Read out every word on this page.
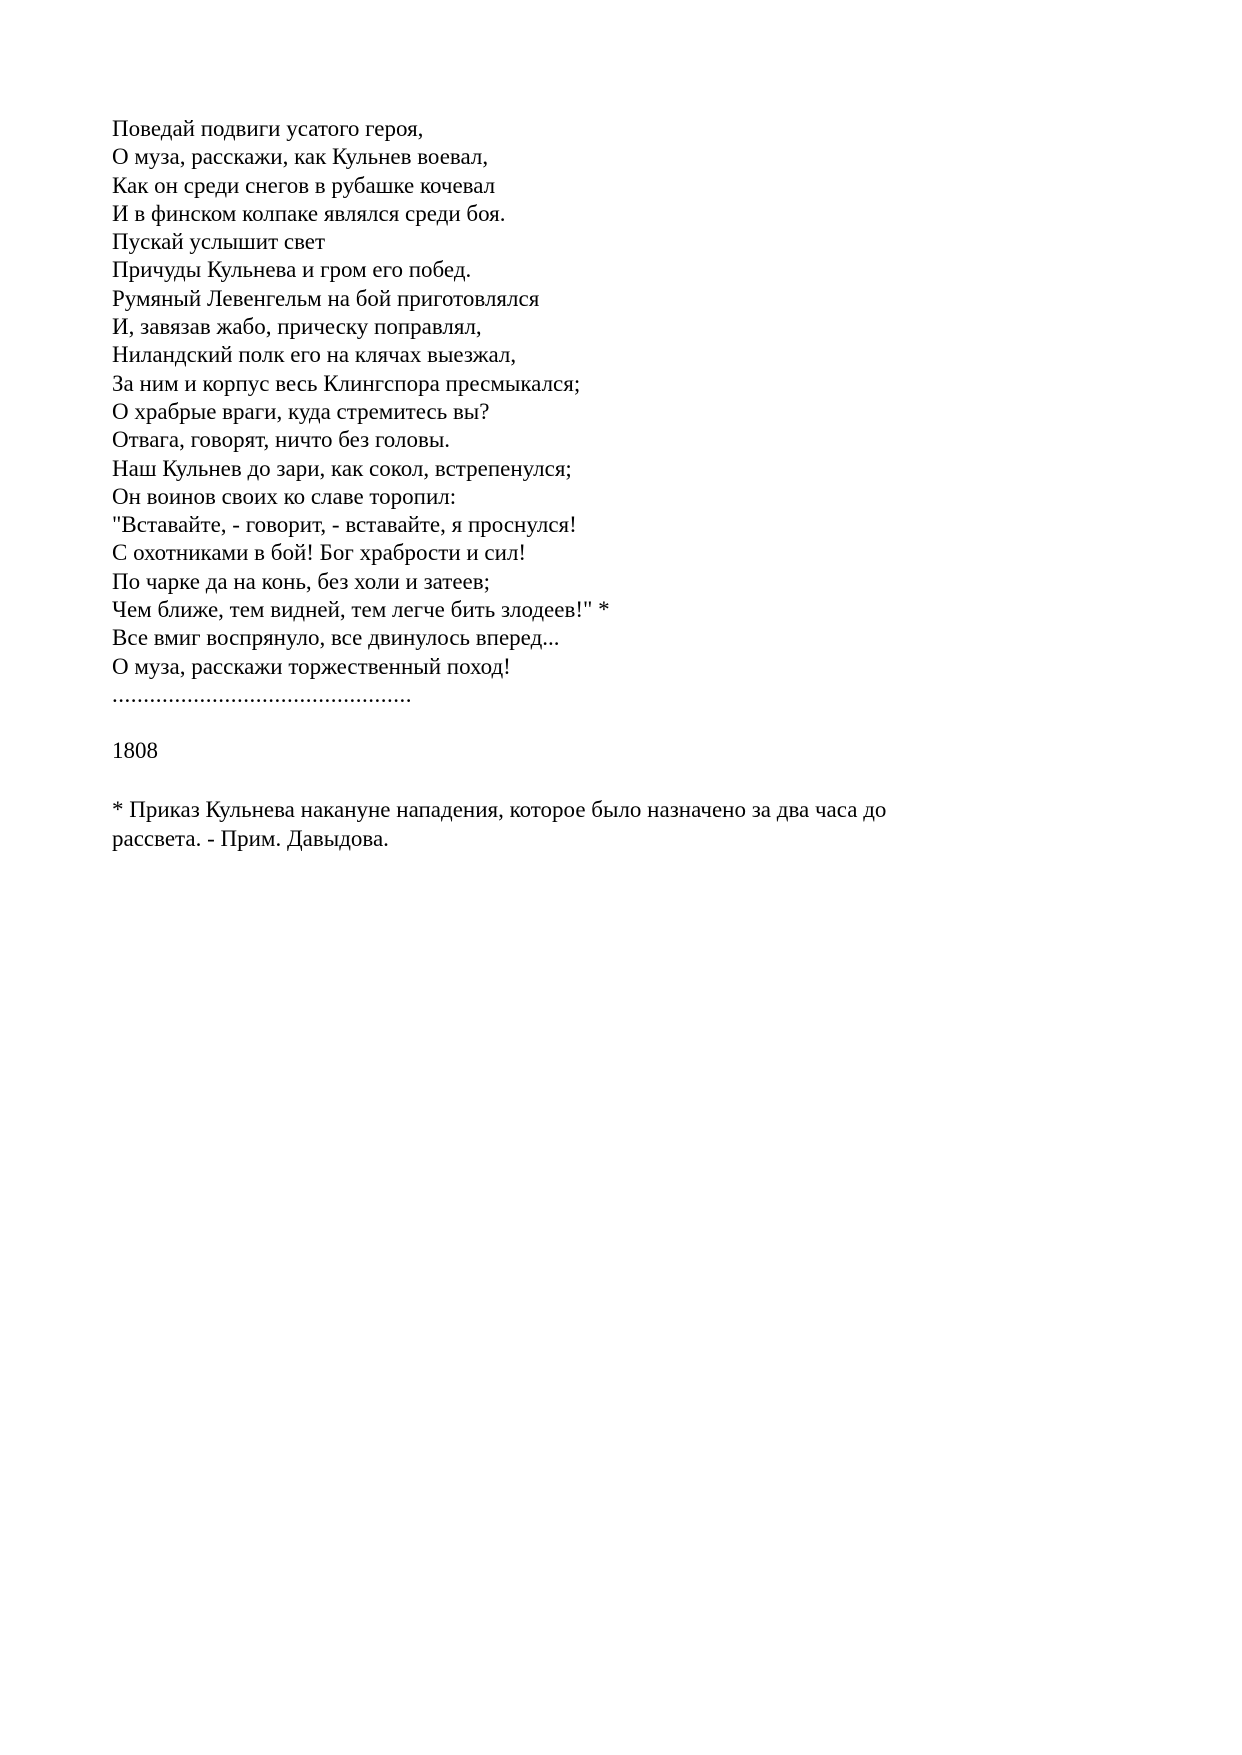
Поведай подвиги усатого героя,
О муза, расскажи, как Кульнев воевал,
Как он среди снегов в рубашке кочевал
И в финском колпаке являлся среди боя.
Пускай услышит свет
Причуды Кульнева и гром его побед.
Румяный Левенгельм на бой приготовлялся
И, завязав жабо, прическу поправлял,
Ниландский полк его на клячах выезжал,
За ним и корпус весь Клингспора пресмыкался;
О храбрые враги, куда стремитесь вы?
Отвага, говорят, ничто без головы.
Наш Кульнев до зари, как сокол, встрепенулся;
Он воинов своих ко славе торопил:
"Вставайте, - говорит, - вставайте, я проснулся!
С охотниками в бой! Бог храбрости и сил!
По чарке да на конь, без холи и затеев;
Чем ближе, тем видней, тем легче бить злодеев!" *
Все вмиг воспрянуло, все двинулось вперед...
О муза, расскажи торжественный поход!
................................................

1808

* Приказ Кульнева накануне нападения, которое было назначено за два часа до
рассвета. - Прим. Давыдова.
